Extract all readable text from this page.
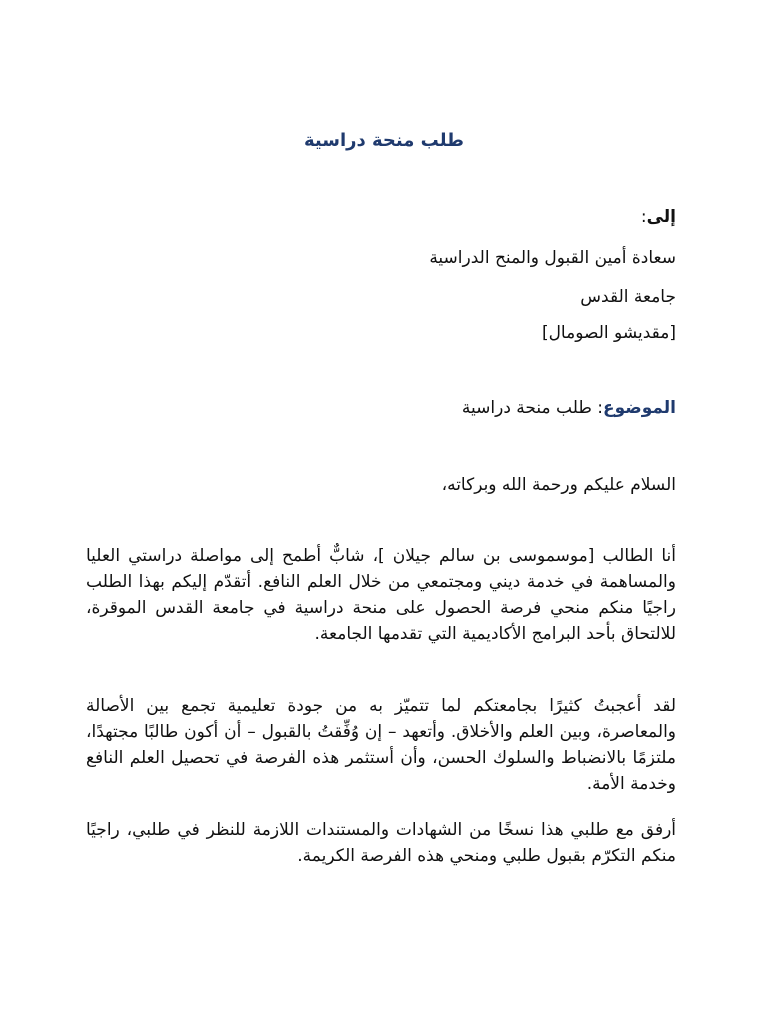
طلب منحة دراسية
إلى:
سعادة أمين القبول والمنح الدراسية
جامعة القدس
[مقديشو الصومال]
الموضوع: طلب منحة دراسية
السلام عليكم ورحمة الله وبركاته،
أنا الطالب [موسموسى بن سالم جيلان ]، شابٌّ أطمح إلى مواصلة دراستي العليا والمساهمة في خدمة ديني ومجتمعي من خلال العلم النافع. أتقدّم إليكم بهذا الطلب راجيًا منكم منحي فرصة الحصول على منحة دراسية في جامعة القدس الموقرة، للالتحاق بأحد البرامج الأكاديمية التي تقدمها الجامعة.
لقد أعجبتُ كثيرًا بجامعتكم لما تتميّز به من جودة تعليمية تجمع بين الأصالة والمعاصرة، وبين العلم والأخلاق. وأتعهد – إن وُفِّقتُ بالقبول – أن أكون طالبًا مجتهدًا، ملتزمًا بالانضباط والسلوك الحسن، وأن أستثمر هذه الفرصة في تحصيل العلم النافع وخدمة الأمة.
أرفق مع طلبي هذا نسخًا من الشهادات والمستندات اللازمة للنظر في طلبي، راجيًا منكم التكرّم بقبول طلبي ومنحي هذه الفرصة الكريمة.
